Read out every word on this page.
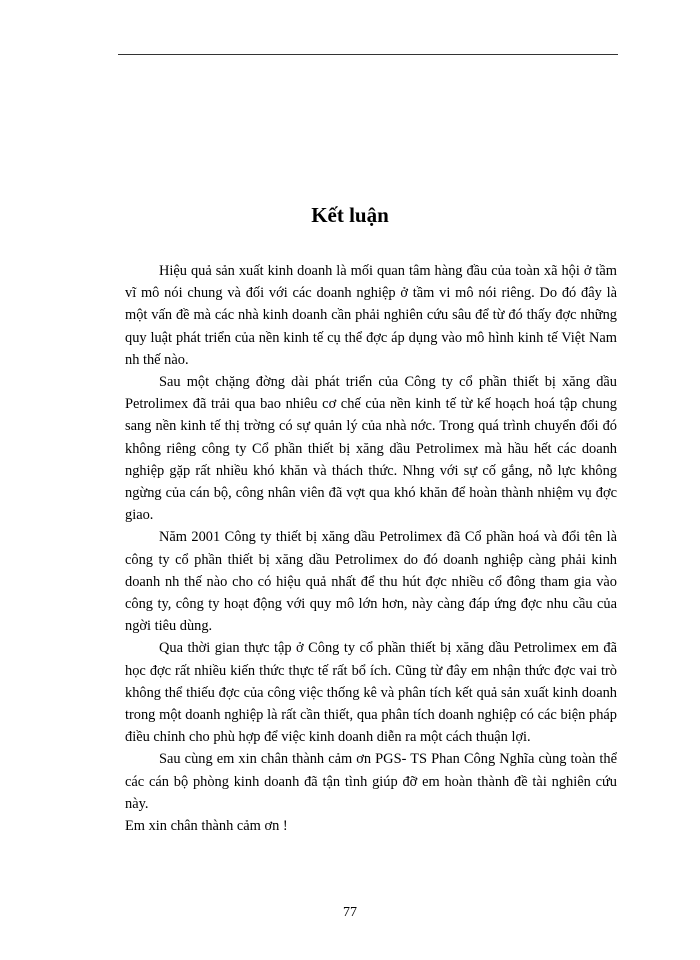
Kết luận

Hiệu quả sản xuất kinh doanh là mối quan tâm hàng đầu của toàn xã hội ở tầm vĩ mô nói chung và đối với các doanh nghiệp ở tầm vi mô nói riêng. Do đó đây là một vấn đề mà các nhà kinh doanh cần phải nghiên cứu sâu để từ đó thấy đợc những quy luật phát triển của nền kinh tế cụ thể đợc áp dụng vào mô hình kinh tế Việt Nam nh thế nào.

Sau một chặng đờng dài phát triển của Công ty cổ phần thiết bị xăng dầu Petrolimex đã trải qua bao nhiêu cơ chế của nền kinh tế từ kế hoạch hoá tập chung sang nền kinh tế thị trờng có sự quản lý của nhà nớc. Trong quá trình chuyển đổi đó không riêng công ty Cổ phần thiết bị xăng dầu Petrolimex mà hầu hết các doanh nghiệp gặp rất nhiều khó khăn và thách thức. Nhng với sự cố gắng, nỗ lực không ngừng của cán bộ, công nhân viên đã vợt qua khó khăn để hoàn thành nhiệm vụ đợc giao.

Năm 2001 Công ty thiết bị xăng dầu Petrolimex đã Cổ phần hoá và đổi tên là công ty cổ phần thiết bị xăng dầu Petrolimex do đó doanh nghiệp càng phải kinh doanh nh thế nào cho có hiệu quả nhất để thu hút đợc nhiều cổ đông tham gia vào công ty, công ty hoạt động với quy mô lớn hơn, này càng đáp ứng đợc nhu cầu của ngời tiêu dùng.

Qua thời gian thực tập ở Công ty cổ phần thiết bị xăng dầu Petrolimex em đã học đợc rất nhiều kiến thức thực tế rất bổ ích. Cũng từ đây em nhận thức đợc vai trò không thể thiếu đợc của công việc thống kê và phân tích kết quả sản xuất kinh doanh trong một doanh nghiệp là rất cần thiết, qua phân tích doanh nghiệp có các biện pháp điều chỉnh cho phù hợp để việc kinh doanh diễn ra một cách thuận lợi.

Sau cùng em xin chân thành cảm ơn PGS- TS Phan Công Nghĩa cùng toàn thể các cán bộ phòng kinh doanh đã tận tình giúp đỡ em hoàn thành đề tài nghiên cứu này.

Em xin chân thành cảm ơn !

77
